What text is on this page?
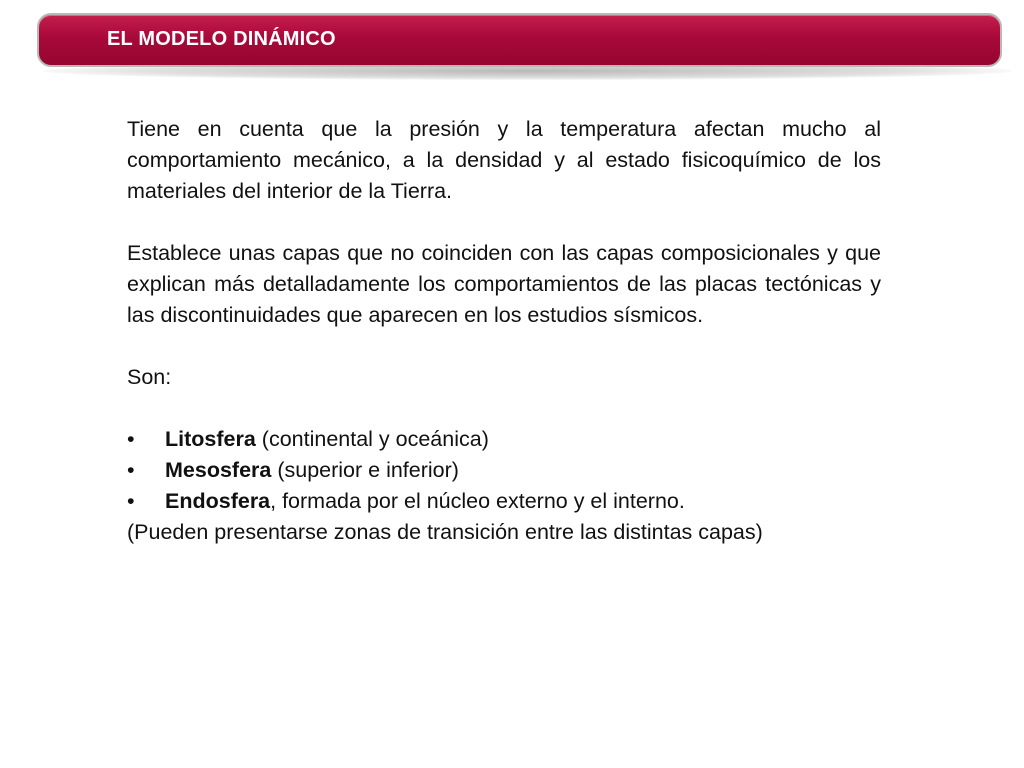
EL MODELO DINÁMICO

Tiene en cuenta que la presión y la temperatura afectan mucho al comportamiento mecánico, a la densidad y al estado fisicoquímico de los materiales del interior de la Tierra.

Establece unas capas que no coinciden con las capas composicionales y que explican más detalladamente los comportamientos de las placas tectónicas y las discontinuidades que aparecen en los estudios sísmicos.

Son:

• Litosfera (continental y oceánica)
• Mesosfera (superior e inferior)
• Endosfera, formada por el núcleo externo y el interno.

(Pueden presentarse zonas de transición entre las distintas capas)
